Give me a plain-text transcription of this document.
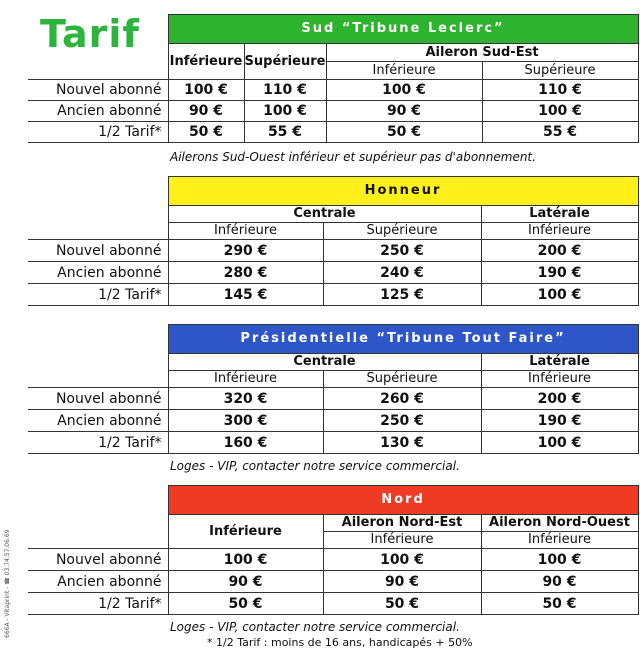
Tarif
		Sud “Tribune Leclerc”			
	Inférieure	Supérieure	Aileron Sud-Est	
			Inférieure	Supérieure
Nouvel abonné	100 €	110 €	100 €	110 €
Ancien abonné	90 €	100 €	90 €	100 €
1/2 Tarif*	50 €	55 €	50 €	55 €
Ailerons Sud-Ouest inférieur et supérieur pas d'abonnement.
	Honneur		
	Centrale		Latérale
	Inférieure	Supérieure	Inférieure
Nouvel abonné	290 €	250 €	200 €
Ancien abonné	280 €	240 €	190 €
1/2 Tarif*	145 €	125 €	100 €
	Présidentielle “Tribune Tout Faire”		
	Centrale		Latérale
	Inférieure	Supérieure	Inférieure
Nouvel abonné	320 €	260 €	200 €
Ancien abonné	300 €	250 €	190 €
1/2 Tarif*	160 €	130 €	100 €
Loges - VIP, contacter notre service commercial.
	Nord		
	Inférieure	Aileron Nord-Est	Aileron Nord-Ouest
		Inférieure	Inférieure
Nouvel abonné	100 €	100 €	100 €
Ancien abonné	90 €	90 €	90 €
1/2 Tarif*	50 €	50 €	50 €
Loges - VIP, contacter notre service commercial.
* 1/2 Tarif : moins de 16 ans, handicapés + 50%
666A - Vitaprint - ☎ 03.74.57.06.69
